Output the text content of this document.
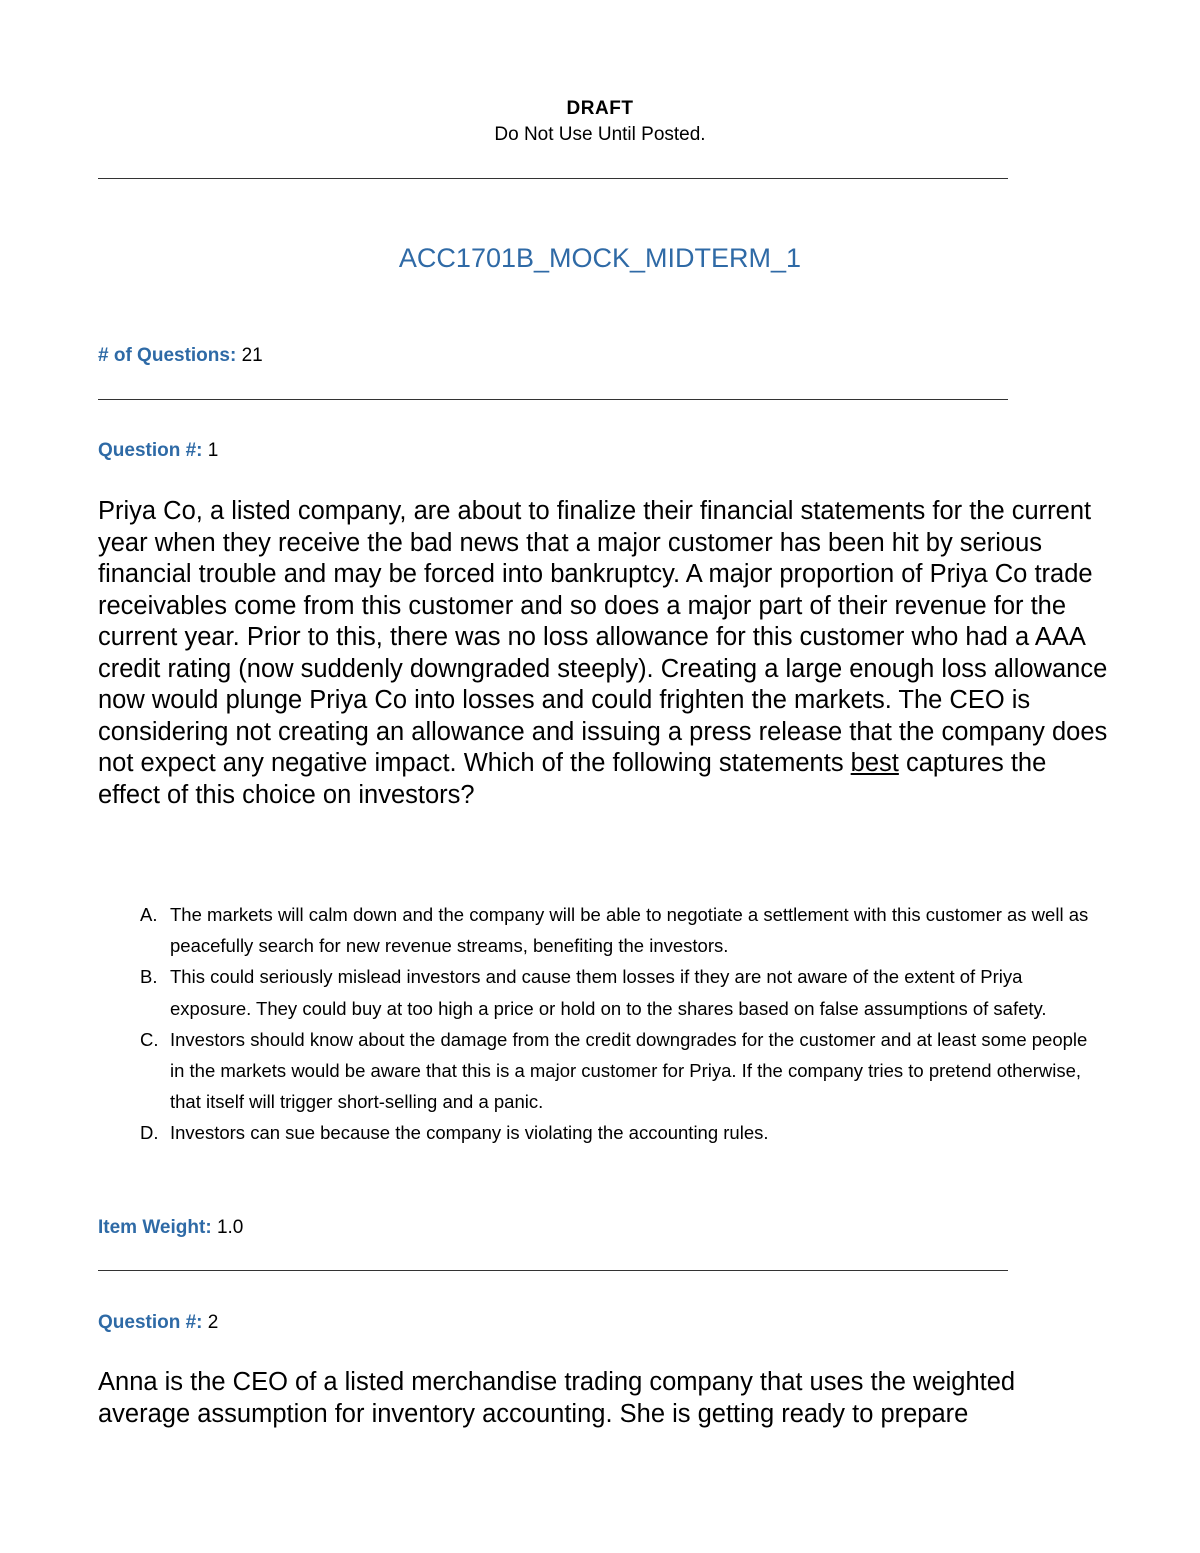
DRAFT
Do Not Use Until Posted.
ACC1701B_MOCK_MIDTERM_1
# of Questions: 21
Question #: 1
Priya Co, a listed company, are about to finalize their financial statements for the current year when they receive the bad news that a major customer has been hit by serious financial trouble and may be forced into bankruptcy. A major proportion of Priya Co trade receivables come from this customer and so does a major part of their revenue for the current year. Prior to this, there was no loss allowance for this customer who had a AAA credit rating (now suddenly downgraded steeply). Creating a large enough loss allowance now would plunge Priya Co into losses and could frighten the markets. The CEO is considering not creating an allowance and issuing a press release that the company does not expect any negative impact. Which of the following statements best captures the effect of this choice on investors?
A. The markets will calm down and the company will be able to negotiate a settlement with this customer as well as peacefully search for new revenue streams, benefiting the investors.
B. This could seriously mislead investors and cause them losses if they are not aware of the extent of Priya exposure. They could buy at too high a price or hold on to the shares based on false assumptions of safety.
C. Investors should know about the damage from the credit downgrades for the customer and at least some people in the markets would be aware that this is a major customer for Priya. If the company tries to pretend otherwise, that itself will trigger short-selling and a panic.
D. Investors can sue because the company is violating the accounting rules.
Item Weight: 1.0
Question #: 2
Anna is the CEO of a listed merchandise trading company that uses the weighted average assumption for inventory accounting. She is getting ready to prepare
